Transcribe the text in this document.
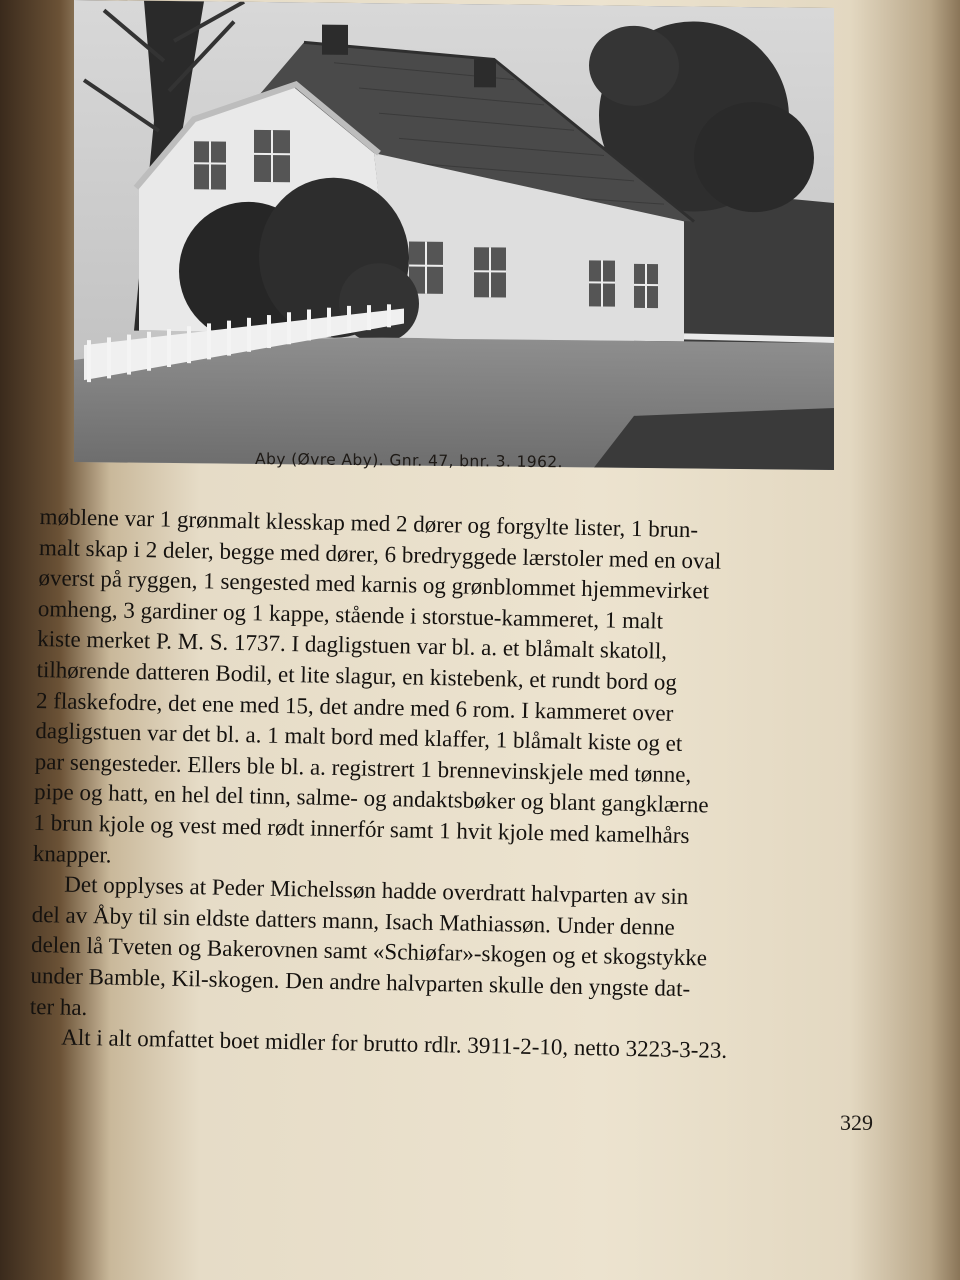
Aby (Øvre Aby). Gnr. 47, bnr. 3. 1962.
møblene var 1 grønmalt klesskap med 2 dører og forgylte lister, 1 brun-
malt skap i 2 deler, begge med dører, 6 bredryggede lærstoler med en oval
øverst på ryggen, 1 sengested med karnis og grønblommet hjemmevirket
omheng, 3 gardiner og 1 kappe, stående i storstue-kammeret, 1 malt
kiste merket P. M. S. 1737. I dagligstuen var bl. a. et blåmalt skatoll,
tilhørende datteren Bodil, et lite slagur, en kistebenk, et rundt bord og
2 flaskefodre, det ene med 15, det andre med 6 rom. I kammeret over
dagligstuen var det bl. a. 1 malt bord med klaffer, 1 blåmalt kiste og et
par sengesteder. Ellers ble bl. a. registrert 1 brennevinskjele med tønne,
pipe og hatt, en hel del tinn, salme- og andaktsbøker og blant gangklærne
1 brun kjole og vest med rødt innerfór samt 1 hvit kjole med kamelhårs
knapper.
Det opplyses at Peder Michelssøn hadde overdratt halvparten av sin
del av Åby til sin eldste datters mann, Isach Mathiassøn. Under denne
delen lå Tveten og Bakerovnen samt «Schiøfar»-skogen og et skogstykke
under Bamble, Kil-skogen. Den andre halvparten skulle den yngste dat-
ter ha.
Alt i alt omfattet boet midler for brutto rdlr. 3911-2-10, netto 3223-3-23.
329
